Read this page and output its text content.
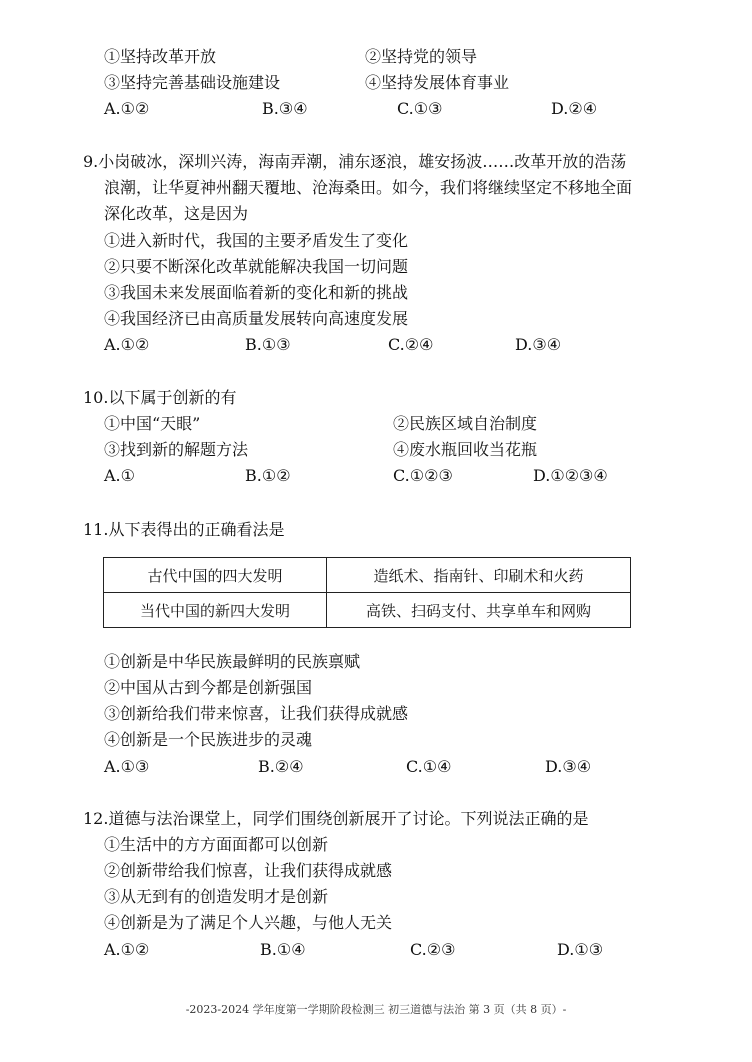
①坚持改革开放	②坚持党的领导
③坚持完善基础设施建设	④坚持发展体育事业
A.①②	B.③④	C.①③	D.②④
9.小岗破冰，深圳兴涛，海南弄潮，浦东逐浪，雄安扬波……改革开放的浩荡
浪潮，让华夏神州翻天覆地、沧海桑田。如今，我们将继续坚定不移地全面
深化改革，这是因为
①进入新时代，我国的主要矛盾发生了变化
②只要不断深化改革就能解决我国一切问题
③我国未来发展面临着新的变化和新的挑战
④我国经济已由高质量发展转向高速度发展
A.①②	B.①③	C.②④	D.③④
10.以下属于创新的有
①中国“天眼”	②民族区域自治制度
③找到新的解题方法	④废水瓶回收当花瓶
A.①	B.①②	C.①②③	D.①②③④
11.从下表得出的正确看法是
古代中国的四大发明	造纸术、指南针、印刷术和火药
当代中国的新四大发明	高铁、扫码支付、共享单车和网购
①创新是中华民族最鲜明的民族禀赋
②中国从古到今都是创新强国
③创新给我们带来惊喜，让我们获得成就感
④创新是一个民族进步的灵魂
A.①③	B.②④	C.①④	D.③④
12.道德与法治课堂上，同学们围绕创新展开了讨论。下列说法正确的是
①生活中的方方面面都可以创新
②创新带给我们惊喜，让我们获得成就感
③从无到有的创造发明才是创新
④创新是为了满足个人兴趣，与他人无关
A.①②	B.①④	C.②③	D.①③
-2023-2024 学年度第一学期阶段检测三 初三道德与法治 第 3 页（共 8 页）-
